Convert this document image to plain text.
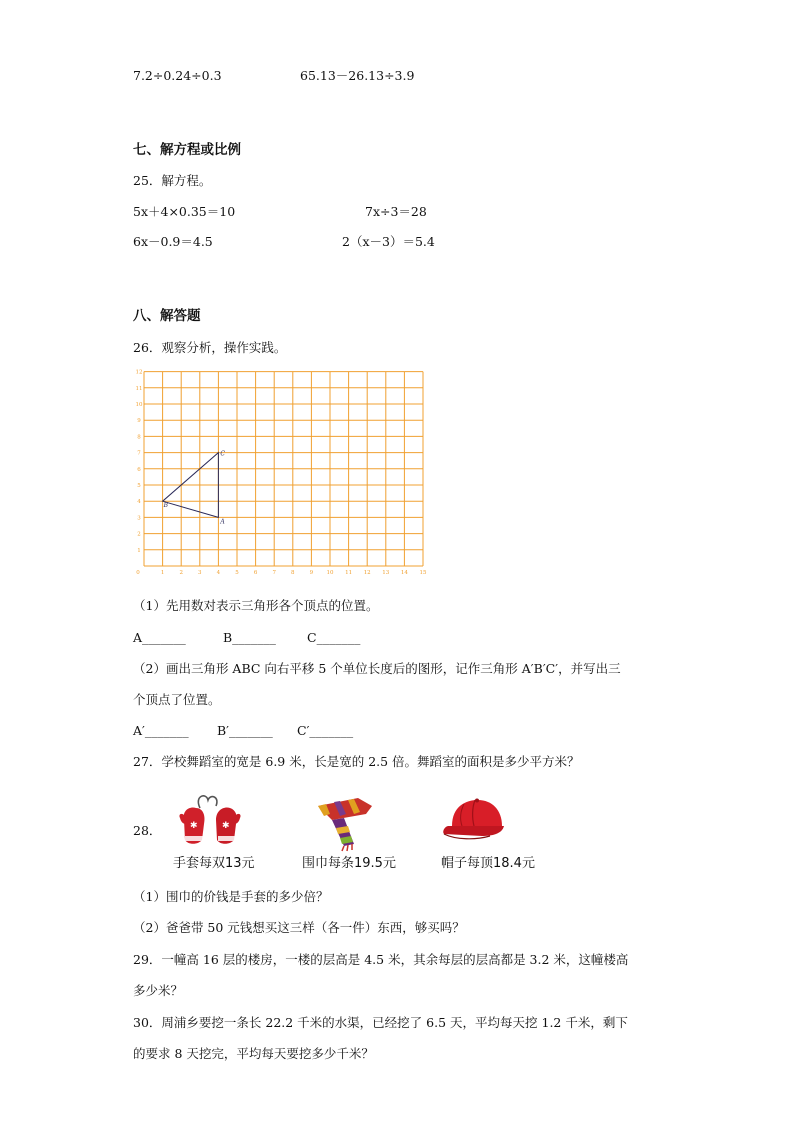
7.2÷0.24÷0.3	65.13－26.13÷3.9
七、解方程或比例
25．解方程。
5x＋4×0.35＝10	7x÷3＝28
6x－0.9＝4.5	2（x－3）＝5.4
八、解答题
26．观察分析，操作实践。
0	1	2	3	4	5	6	7	8	9 10 11 12 13 14 15
1
2
3
4
5
6
7
8
9
10
11
12
A
B
C
（1）先用数对表示三角形各个顶点的位置。
A_______	B_______ C_______
（2）画出三角形 ABC 向右平移 5 个单位长度后的图形，记作三角形 A′B′C′，并写出三
个顶点了位置。
A′_______ B′_______ C′_______
27．学校舞蹈室的宽是 6.9 米，长是宽的 2.5 倍。舞蹈室的面积是多少平方米？
28．	✱	✱
手套每双13元	围巾每条19.5元	帽子每顶18.4元
（1）围巾的价钱是手套的多少倍？
（2）爸爸带 50 元钱想买这三样（各一件）东西，够买吗？
29．一幢高 16 层的楼房，一楼的层高是 4.5 米，其余每层的层高都是 3.2 米，这幢楼高
多少米？
30．周浦乡要挖一条长 22.2 千米的水渠，已经挖了 6.5 天，平均每天挖 1.2 千米，剩下
的要求 8 天挖完，平均每天要挖多少千米？
